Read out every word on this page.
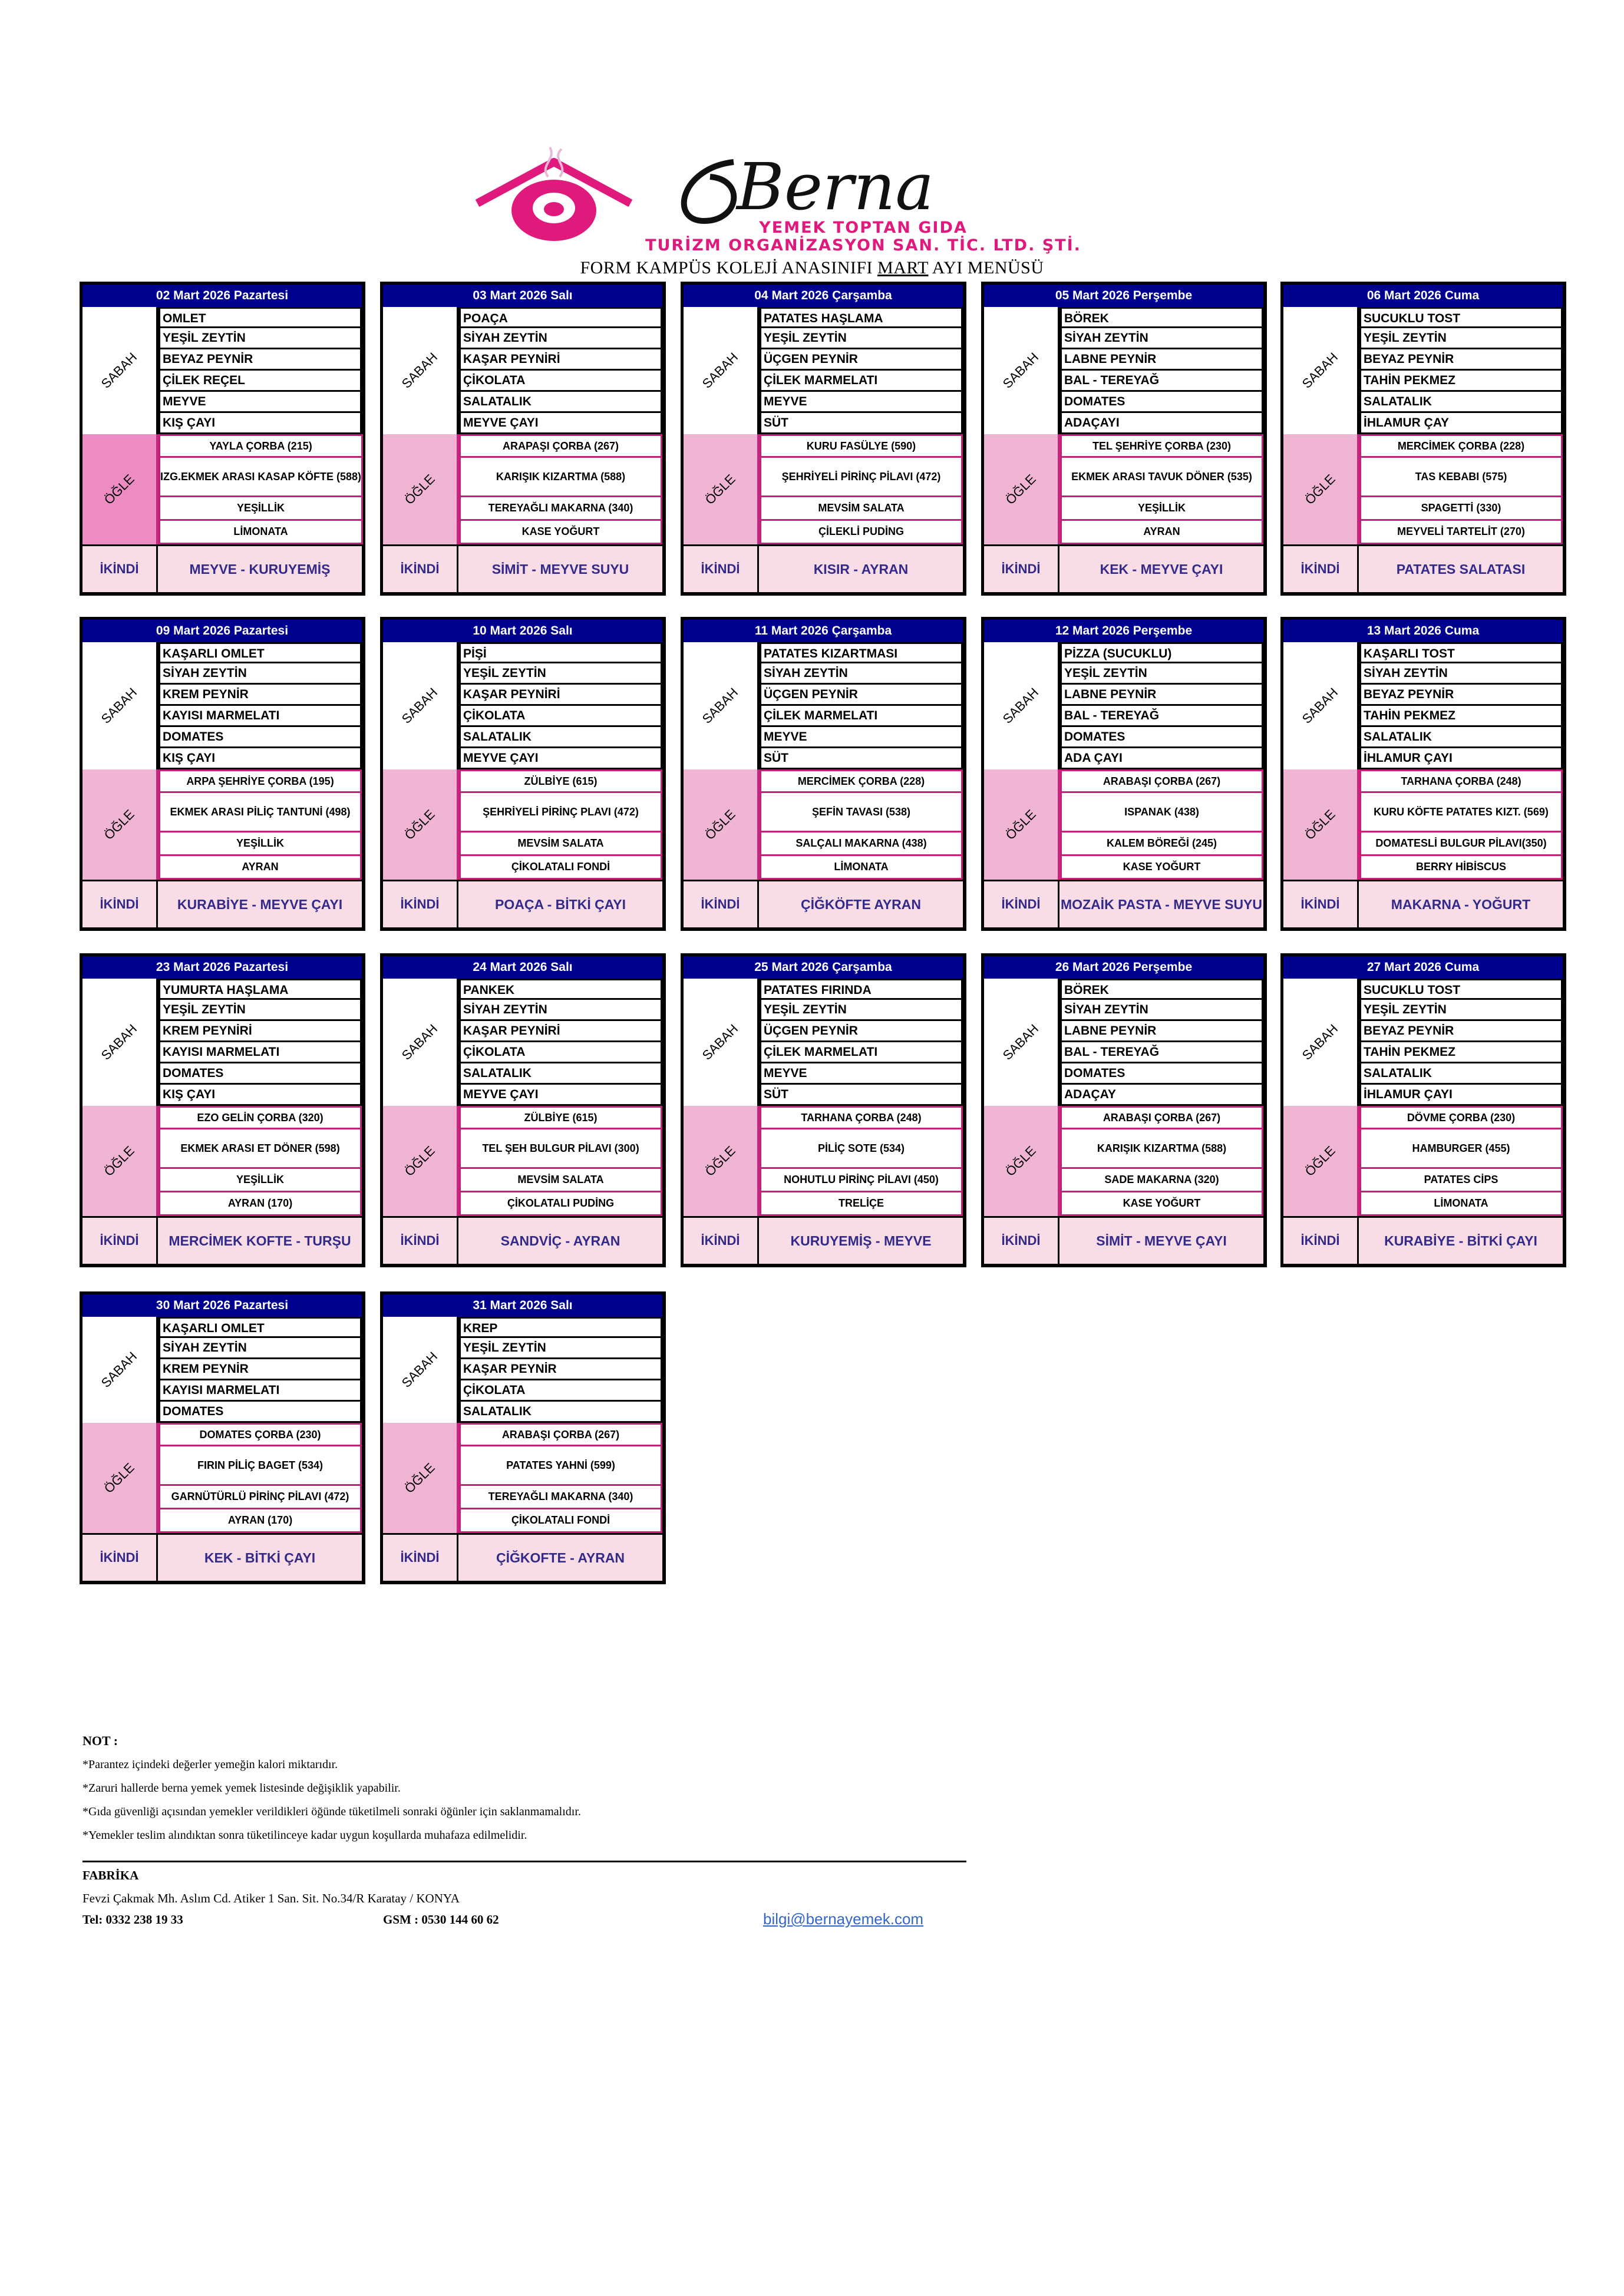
Berna
YEMEK TOPTAN GIDA
TURİZM ORGANİZASYON SAN. TİC. LTD. ŞTİ.
FORM KAMPÜS KOLEJİ ANASINIFI MART AYI MENÜSÜ
02 Mart 2026 Pazartesi
SABAH
OMLET
YEŞİL ZEYTİN
BEYAZ PEYNİR
ÇİLEK REÇEL
MEYVE
KIŞ ÇAYI
ÖĞLE
YAYLA ÇORBA (215)
IZG.EKMEK ARASI KASAP KÖFTE (588)
YEŞİLLİK
LİMONATA
İKİNDİ	MEYVE - KURUYEMİŞ
03 Mart 2026 Salı
SABAH
POAÇA
SİYAH ZEYTİN
KAŞAR PEYNİRİ
ÇİKOLATA
SALATALIK
MEYVE ÇAYI
ÖĞLE
ARAPAŞI ÇORBA (267)
KARIŞIK KIZARTMA (588)
TEREYAĞLI MAKARNA (340)
KASE YOĞURT
İKİNDİ	SİMİT - MEYVE SUYU
04 Mart 2026 Çarşamba
SABAH
PATATES HAŞLAMA
YEŞİL ZEYTİN
ÜÇGEN PEYNİR
ÇİLEK MARMELATI
MEYVE
SÜT
ÖĞLE
KURU FASÜLYE (590)
ŞEHRİYELİ PİRİNÇ PİLAVI (472)
MEVSİM SALATA
ÇİLEKLİ PUDİNG
İKİNDİ	KISIR - AYRAN
05 Mart 2026 Perşembe
SABAH
BÖREK
SİYAH ZEYTİN
LABNE PEYNİR
BAL - TEREYAĞ
DOMATES
ADAÇAYI
ÖĞLE
TEL ŞEHRİYE ÇORBA (230)
EKMEK ARASI TAVUK DÖNER (535)
YEŞİLLİK
AYRAN
İKİNDİ	KEK - MEYVE ÇAYI
06 Mart 2026 Cuma
SABAH
SUCUKLU TOST
YEŞİL ZEYTİN
BEYAZ PEYNİR
TAHİN PEKMEZ
SALATALIK
İHLAMUR ÇAY
ÖĞLE
MERCİMEK ÇORBA (228)
TAS KEBABI (575)
SPAGETTİ (330)
MEYVELİ TARTELİT (270)
İKİNDİ	PATATES SALATASI
09 Mart 2026 Pazartesi
SABAH
KAŞARLI OMLET
SİYAH ZEYTİN
KREM PEYNİR
KAYISI MARMELATI
DOMATES
KIŞ ÇAYI
ÖĞLE
ARPA ŞEHRİYE ÇORBA (195)
EKMEK ARASI PİLİÇ TANTUNİ (498)
YEŞİLLİK
AYRAN
İKİNDİ	KURABİYE - MEYVE ÇAYI
10 Mart 2026 Salı
SABAH
PİŞİ
YEŞİL ZEYTİN
KAŞAR PEYNİRİ
ÇİKOLATA
SALATALIK
MEYVE ÇAYI
ÖĞLE
ZÜLBİYE (615)
ŞEHRİYELİ PİRİNÇ PLAVI (472)
MEVSİM SALATA
ÇİKOLATALI FONDİ
İKİNDİ	POAÇA - BİTKİ ÇAYI
11 Mart 2026 Çarşamba
SABAH
PATATES KIZARTMASI
SİYAH ZEYTİN
ÜÇGEN PEYNİR
ÇİLEK MARMELATI
MEYVE
SÜT
ÖĞLE
MERCİMEK ÇORBA (228)
ŞEFİN TAVASI (538)
SALÇALI MAKARNA (438)
LİMONATA
İKİNDİ	ÇİĞKÖFTE AYRAN
12 Mart 2026 Perşembe
SABAH
PİZZA (SUCUKLU)
YEŞİL ZEYTİN
LABNE PEYNİR
BAL - TEREYAĞ
DOMATES
ADA ÇAYI
ÖĞLE
ARABAŞI ÇORBA (267)
ISPANAK (438)
KALEM BÖREĞİ (245)
KASE YOĞURT
İKİNDİ	MOZAİK PASTA - MEYVE SUYU
13 Mart 2026 Cuma
SABAH
KAŞARLI TOST
SİYAH ZEYTİN
BEYAZ PEYNİR
TAHİN PEKMEZ
SALATALIK
İHLAMUR ÇAYI
ÖĞLE
TARHANA ÇORBA (248)
KURU KÖFTE PATATES KIZT. (569)
DOMATESLİ BULGUR PİLAVI(350)
BERRY HİBİSCUS
İKİNDİ	MAKARNA - YOĞURT
23 Mart 2026 Pazartesi
SABAH
YUMURTA HAŞLAMA
YEŞİL ZEYTİN
KREM PEYNİRİ
KAYISI MARMELATI
DOMATES
KIŞ ÇAYI
ÖĞLE
EZO GELİN ÇORBA (320)
EKMEK ARASI ET DÖNER (598)
YEŞİLLİK
AYRAN (170)
İKİNDİ	MERCİMEK KOFTE - TURŞU
24 Mart 2026 Salı
SABAH
PANKEK
SİYAH ZEYTİN
KAŞAR PEYNİRİ
ÇİKOLATA
SALATALIK
MEYVE ÇAYI
ÖĞLE
ZÜLBİYE (615)
TEL ŞEH BULGUR PİLAVI (300)
MEVSİM SALATA
ÇİKOLATALI PUDİNG
İKİNDİ	SANDVİÇ - AYRAN
25 Mart 2026 Çarşamba
SABAH
PATATES FIRINDA
YEŞİL ZEYTİN
ÜÇGEN PEYNİR
ÇİLEK MARMELATI
MEYVE
SÜT
ÖĞLE
TARHANA ÇORBA (248)
PİLİÇ SOTE (534)
NOHUTLU PİRİNÇ PİLAVI (450)
TRELİÇE
İKİNDİ	KURUYEMİŞ - MEYVE
26 Mart 2026 Perşembe
SABAH
BÖREK
SİYAH ZEYTİN
LABNE PEYNİR
BAL - TEREYAĞ
DOMATES
ADAÇAY
ÖĞLE
ARABAŞI ÇORBA (267)
KARIŞIK KIZARTMA (588)
SADE MAKARNA (320)
KASE YOĞURT
İKİNDİ	SİMİT - MEYVE ÇAYI
27 Mart 2026 Cuma
SABAH
SUCUKLU TOST
YEŞİL ZEYTİN
BEYAZ PEYNİR
TAHİN PEKMEZ
SALATALIK
İHLAMUR ÇAYI
ÖĞLE
DÖVME ÇORBA (230)
HAMBURGER (455)
PATATES CİPS
LİMONATA
İKİNDİ	KURABİYE - BİTKİ ÇAYI
30 Mart 2026 Pazartesi
SABAH
KAŞARLI OMLET
SİYAH ZEYTİN
KREM PEYNİR
KAYISI MARMELATI
DOMATES
ÖĞLE
DOMATES ÇORBA (230)
FIRIN PİLİÇ BAGET (534)
GARNÜTÜRLÜ PİRİNÇ PİLAVI (472)
AYRAN (170)
İKİNDİ	KEK - BİTKİ ÇAYI
31 Mart 2026 Salı
SABAH
KREP
YEŞİL ZEYTİN
KAŞAR PEYNİR
ÇİKOLATA
SALATALIK
ÖĞLE
ARABAŞI ÇORBA (267)
PATATES YAHNİ (599)
TEREYAĞLI MAKARNA (340)
ÇİKOLATALI FONDİ
İKİNDİ	ÇİĞKOFTE - AYRAN
NOT :
*Parantez içindeki değerler yemeğin kalori miktarıdır.
*Zaruri hallerde berna yemek yemek listesinde değişiklik yapabilir.
*Gıda güvenliği açısından yemekler verildikleri öğünde tüketilmeli sonraki öğünler için saklanmamalıdır.
*Yemekler teslim alındıktan sonra tüketilinceye kadar uygun koşullarda muhafaza edilmelidir.
FABRİKA
Fevzi Çakmak Mh. Aslım Cd. Atiker 1 San. Sit. No.34/R Karatay / KONYA
Tel: 0332 238 19 33	GSM : 0530 144 60 62	bilgi@bernayemek.com
